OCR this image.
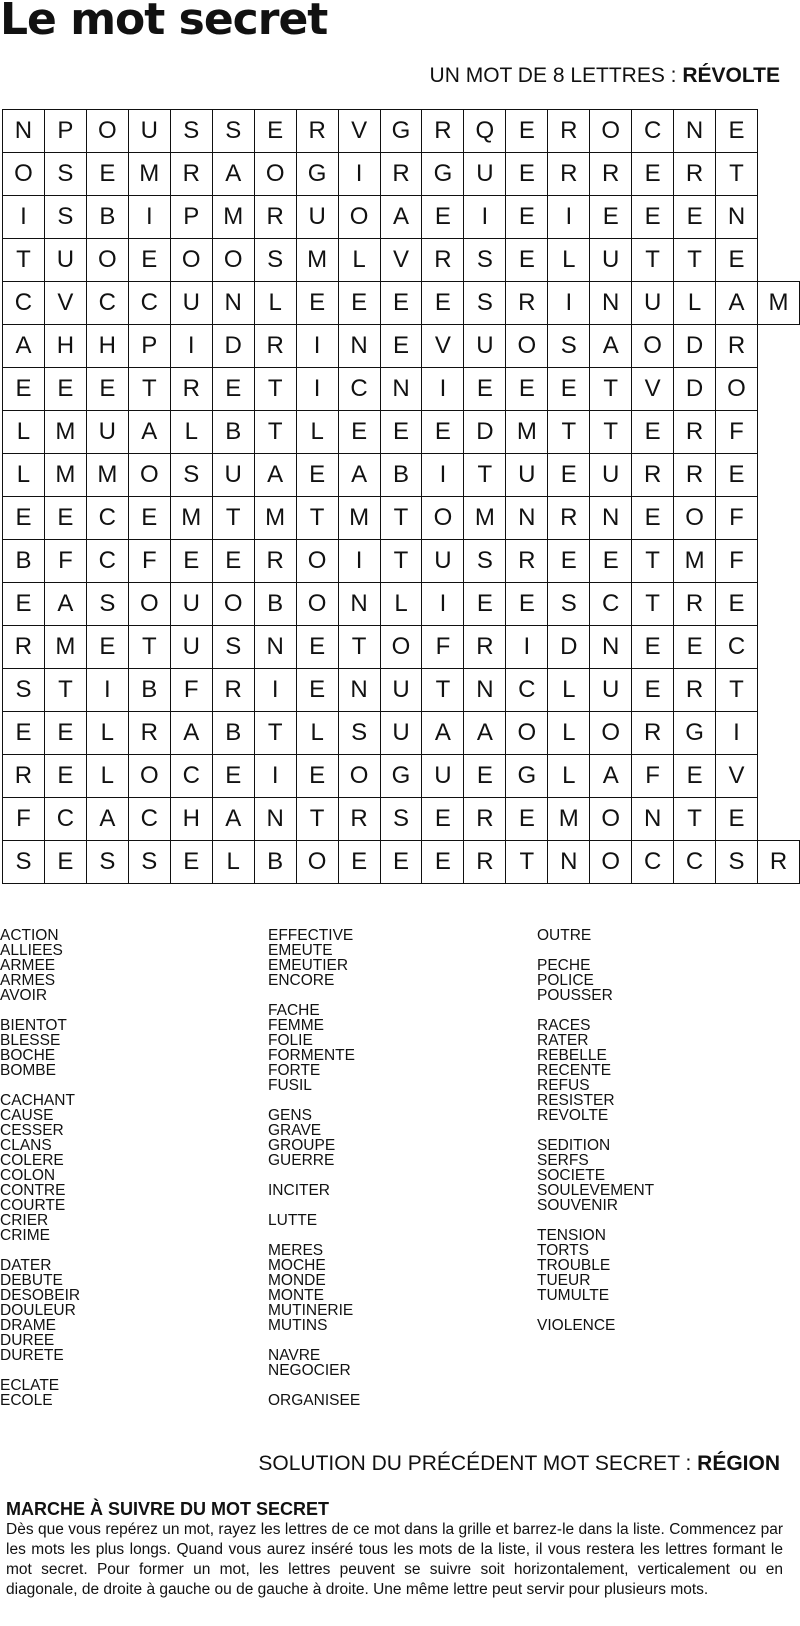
Le mot secret
UN MOT DE 8 LETTRES : RÉVOLTE
N	P	O	U	S	S	E	R	V	G	R	Q	E	R	O	C	N	E	
O	S	E	M	R	A	O	G	I	R	G	U	E	R	R	E	R	T	
I	S	B	I	P	M	R	U	O	A	E	I	E	I	E	E	E	N	
T	U	O	E	O	O	S	M	L	V	R	S	E	L	U	T	T	E	
C	V	C	C	U	N	L	E	E	E	E	S	R	I	N	U	L	A	M
A	H	H	P	I	D	R	I	N	E	V	U	O	S	A	O	D	R	
E	E	E	T	R	E	T	I	C	N	I	E	E	E	T	V	D	O	
L	M	U	A	L	B	T	L	E	E	E	D	M	T	T	E	R	F	
L	M	M	O	S	U	A	E	A	B	I	T	U	E	U	R	R	E	
E	E	C	E	M	T	M	T	M	T	O	M	N	R	N	E	O	F	
B	F	C	F	E	E	R	O	I	T	U	S	R	E	E	T	M	F	
E	A	S	O	U	O	B	O	N	L	I	E	E	S	C	T	R	E	
R	M	E	T	U	S	N	E	T	O	F	R	I	D	N	E	E	C	
S	T	I	B	F	R	I	E	N	U	T	N	C	L	U	E	R	T	
E	E	L	R	A	B	T	L	S	U	A	A	O	L	O	R	G	I	
R	E	L	O	C	E	I	E	O	G	U	E	G	L	A	F	E	V	
F	C	A	C	H	A	N	T	R	S	E	R	E	M	O	N	T	E	
S	E	S	S	E	L	B	O	E	E	E	R	T	N	O	C	C	S	R
ACTION
ALLIEES
ARMEE
ARMES
AVOIR
BIENTOT
BLESSE
BOCHE
BOMBE
CACHANT
CAUSE
CESSER
CLANS
COLERE
COLON
CONTRE
COURTE
CRIER
CRIME
DATER
DEBUTE
DESOBEIR
DOULEUR
DRAME
DUREE
DURETE
ECLATE
ECOLE
EFFECTIVE
EMEUTE
EMEUTIER
ENCORE
FACHE
FEMME
FOLIE
FORMENTE
FORTE
FUSIL
GENS
GRAVE
GROUPE
GUERRE
INCITER
LUTTE
MERES
MOCHE
MONDE
MONTE
MUTINERIE
MUTINS
NAVRE
NEGOCIER
ORGANISEE
OUTRE
PECHE
POLICE
POUSSER
RACES
RATER
REBELLE
RECENTE
REFUS
RESISTER
REVOLTE
SEDITION
SERFS
SOCIETE
SOULEVEMENT
SOUVENIR
TENSION
TORTS
TROUBLE
TUEUR
TUMULTE
VIOLENCE
SOLUTION DU PRÉCÉDENT MOT SECRET : RÉGION
MARCHE À SUIVRE DU MOT SECRET
Dès que vous repérez un mot, rayez les lettres de ce mot dans la grille et barrez-le dans la liste. Commencez par les mots les plus longs. Quand vous aurez inséré tous les mots de la liste, il vous restera les lettres formant le mot secret. Pour former un mot, les lettres peuvent se suivre soit horizontalement, verticalement ou en diagonale, de droite à gauche ou de gauche à droite. Une même lettre peut servir pour plusieurs mots.
